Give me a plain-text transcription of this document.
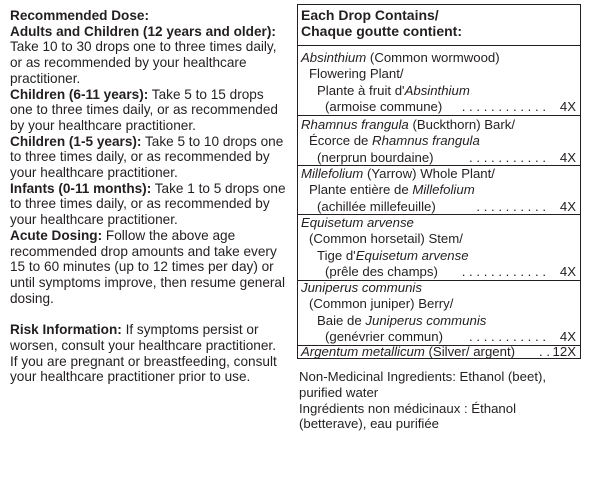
Recommended Dose:

Adults and Children (12 years and older): Take 10 to 30 drops one to three times daily, or as recommended by your healthcare practitioner.

Children (6-11 years): Take 5 to 15 drops one to three times daily, or as recommended by your healthcare practitioner.

Children (1-5 years): Take 5 to 10 drops one to three times daily, or as recommended by your healthcare practitioner.

Infants (0-11 months): Take 1 to 5 drops one to three times daily, or as recommended by your healthcare practitioner.

Acute Dosing: Follow the above age recommended drop amounts and take every 15 to 60 minutes (up to 12 times per day) or until symptoms improve, then resume general dosing.

Risk Information: If symptoms persist or worsen, consult your healthcare practitioner. If you are pregnant or breastfeeding, consult your healthcare practitioner prior to use.

Each Drop Contains/
Chaque goutte contient:
Absinthium (Common wormwood)
Flowering Plant/
Plante à fruit d'Absinthium
(armoise commune) . . . . . . . . . . . . 4X
Rhamnus frangula (Buckthorn) Bark/
Écorce de Rhamnus frangula
(nerprun bourdaine)	. . . . . . . . . . . 4X
Millefolium (Yarrow) Whole Plant/
Plante entière de Millefolium
(achillée millefeuille)	. . . . . . . . . . 4X
Equisetum arvense
(Common horsetail) Stem/
Tige d'Equisetum arvense
(prêle des champs) . . . . . . . . . . . . 4X
Juniperus communis
(Common juniper) Berry/
Baie de Juniperus communis
(genévrier commun) . . . . . . . . . . . 4X
Argentum metallicum (Silver/ argent) . . 12X

Non-Medicinal Ingredients: Ethanol (beet), purified water

Ingrédients non médicinaux : Éthanol (betterave), eau purifiée
